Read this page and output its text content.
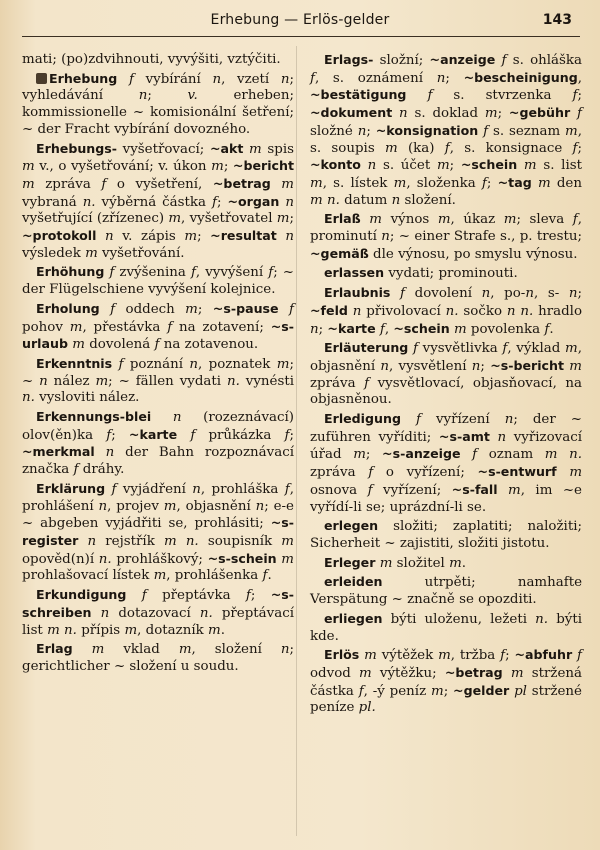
Erhebung — Erlös-gelder	143

mati; (po)zdvihnouti, vyvýšiti, vztýčiti.

Erhebung f vybírání n, vzetí n; vyhledávání n; v. erheben; kommissionelle ~ komisionální šetření; ~ der Fracht vybírání dovozného.

Erhebungs- vyšetřovací; ~akt m spis m v., o vyšetřování; v. úkon m; ~bericht m zpráva f o vyšetření, ~betrag m vybraná n. výběrná částka f; ~organ n vyšetřující (zřízenec) m, vyšetřovatel m; ~protokoll n v. zápis m; ~resultat n výsledek m vyšetřování.

Erhöhung f zvýšenina f, vyvýšení f; ~ der Flügelschiene vyvýšení kolejnice.

Erholung f oddech m; ~s-pause f pohov m, přestávka f na zotavení; ~s-urlaub m dovolená f na zotavenou.

Erkenntnis f poznání n, poznatek m; ~ n nález m; ~ fällen vydati n. vynésti n. vysloviti nález.

Erkennungs-blei n (rozeznávací) olov(ěn)ka f; ~karte f průkázka f; ~merkmal n der Bahn rozpoznávací značka f dráhy.

Erklärung f vyjádření n, prohláška f, prohlášení n, projev m, objasnění n; e-e ~ abgeben vyjádřiti se, prohlásiti; ~s-register n rejstřík m n. soupisník m opověd(n)í n. prohláškový; ~s-schein m prohlašovací lístek m, prohlášenka f.

Erkundigung f přeptávka f; ~s-schreiben n dotazovací n. přeptávací list m n. přípis m, dotazník m.

Erlag m vklad m, složení n; gerichtlicher ~ složení u soudu.

Erlags- složní; ~anzeige f s. ohláška f, s. oznámení n; ~bescheinigung, ~bestätigung f s. stvrzenka f; ~dokument n s. doklad m; ~gebühr f složné n; ~konsignation f s. seznam m, s. soupis m (ka) f, s. konsignace f; ~konto n s. účet m; ~schein m s. list m, s. lístek m, složenka f; ~tag m den m n. datum n složení.

Erlaß m výnos m, úkaz m; sleva f, prominutí n; ~ einer Strafe s., p. trestu; ~gemäß dle výnosu, po smyslu výnosu.

erlassen vydati; prominouti.

Erlaubnis f dovolení n, po-n, s- n; ~feld n přivolovací n. sočko n n. hradlo n; ~karte f, ~schein m povolenka f.

Erläuterung f vysvětlivka f, výklad m, objasnění n, vysvětlení n; ~s-bericht m zpráva f vysvětlovací, objasňovací, na objasněnou.

Erledigung f vyřízení n; der ~ zuführen vyříditi; ~s-amt n vyřizovací úřad m; ~s-anzeige f oznam m n. zpráva f o vyřízení; ~s-entwurf m osnova f vyřízení; ~s-fall m, im ~e vyřídí-li se; uprázdní-li se.

erlegen složiti; zaplatiti; naložiti; Sicherheit ~ zajistiti, složiti jistotu.

Erleger m složitel m.

erleiden utrpěti; namhafte Verspätung ~ značně se opozditi.

erliegen býti uloženu, ležeti n. býti kde.

Erlös m výtěžek m, tržba f; ~abfuhr f odvod m výtěžku; ~betrag m stržená částka f, -ý peníz m; ~gelder pl stržené peníze pl.
